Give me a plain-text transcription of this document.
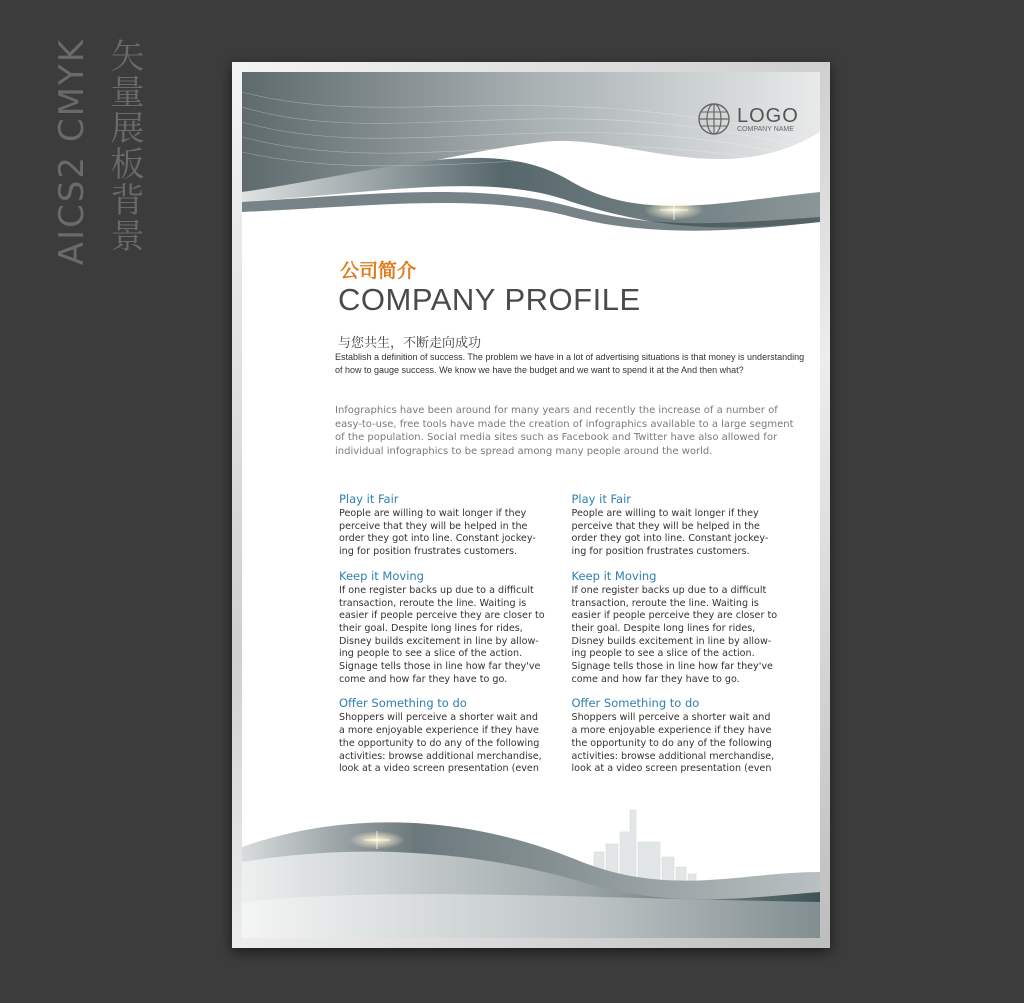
AICS2 CMYK 矢量展板背景	LOGO
COMPANY NAME
公司简介
COMPANY PROFILE
与您共生，不断走向成功
Establish a definition of success. The problem we have in a lot of advertising situations is that money is understanding of how to gauge success. We know we have the budget and we want to spend it at the And then what?
Infographics have been around for many years and recently the increase of a number of easy-to-use, free tools have made the creation of infographics available to a large segment of the population. Social media sites such as Facebook and Twitter have also allowed for individual infographics to be spread among many people around the world.
Play it Fair
People are willing to wait longer if they perceive that they will be helped in the order they got into line. Constant jockey-ing for position frustrates customers.
Keep it Moving
If one register backs up due to a difficult transaction, reroute the line. Waiting is easier if people perceive they are closer to their goal. Despite long lines for rides, Disney builds excitement in line by allow-ing people to see a slice of the action. Signage tells those in line how far they've come and how far they have to go.
Offer Something to do
Shoppers will perceive a shorter wait and a more enjoyable experience if they have the opportunity to do any of the following activities: browse additional merchandise, look at a video screen presentation (even
Play it Fair
People are willing to wait longer if they perceive that they will be helped in the order they got into line. Constant jockey-ing for position frustrates customers.
Keep it Moving
If one register backs up due to a difficult transaction, reroute the line. Waiting is easier if people perceive they are closer to their goal. Despite long lines for rides, Disney builds excitement in line by allow-ing people to see a slice of the action. Signage tells those in line how far they've come and how far they have to go.
Offer Something to do
Shoppers will perceive a shorter wait and a more enjoyable experience if they have the opportunity to do any of the following activities: browse additional merchandise, look at a video screen presentation (even
